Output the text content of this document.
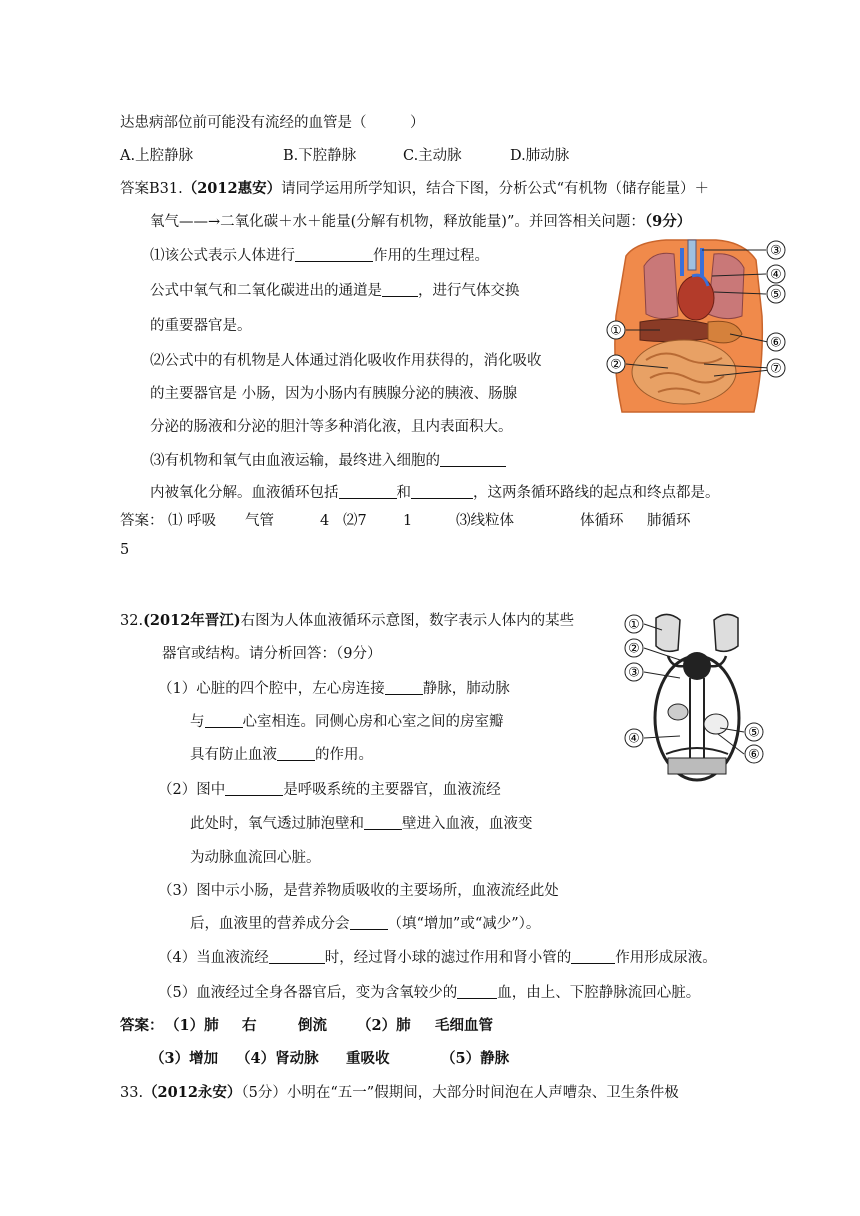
达患病部位前可能没有流经的血管是（　　　）
A.上腔静脉	B.下腔静脉	C.主动脉	D.肺动脉
答案B31.（2012惠安）请同学运用所学知识，结合下图，分析公式“有机物（储存能量）＋
氧气——→二氧化碳＋水＋能量(分解有机物，释放能量)”。并回答相关问题：（9分）
⑴该公式表示人体进行	作用的生理过程。
公式中氧气和二氧化碳进出的通道是 ，进行气体交换
的重要器官是。
⑵公式中的有机物是人体通过消化吸收作用获得的，消化吸收
的主要器官是 小肠，因为小肠内有胰腺分泌的胰液、肠腺
分泌的肠液和分泌的胆汁等多种消化液，且内表面积大。
⑶有机物和氧气由血液运输，最终进入细胞的
内被氧化分解。血液循环包括	和	，这两条循环路线的起点和终点都是。
答案： ⑴ 呼吸 气管	4 ⑵7	1	⑶线粒体	体循环 肺循环
5
③
④
⑤
①
⑥
②	⑦
32.(2012年晋江)右图为人体血液循环示意图，数字表示人体内的某些
器官或结构。请分析回答：（9分）
（1）心脏的四个腔中，左心房连接	静脉，肺动脉
与	心室相连。同侧心房和心室之间的房室瓣
具有防止血液	的作用。
（2）图中	是呼吸系统的主要器官，血液流经
此处时，氧气透过肺泡壁和	壁进入血液，血液变
为动脉血流回心脏。
（3）图中示小肠，是营养物质吸收的主要场所，血液流经此处
后，血液里的营养成分会	（填“增加”或“减少”）。
（4）当血液流经	时，经过肾小球的滤过作用和肾小管的	作用形成尿液。
（5）血液经过全身各器官后，变为含氧较少的	血，由上、下腔静脉流回心脏。
答案： （1）肺 右	倒流 （2）肺 毛细血管
（3）增加 （4）肾动脉 重吸收	（5）静脉
①
②
③
④	⑤
⑥
33.（2012永安）（5分）小明在“五一”假期间，大部分时间泡在人声嘈杂、卫生条件极
